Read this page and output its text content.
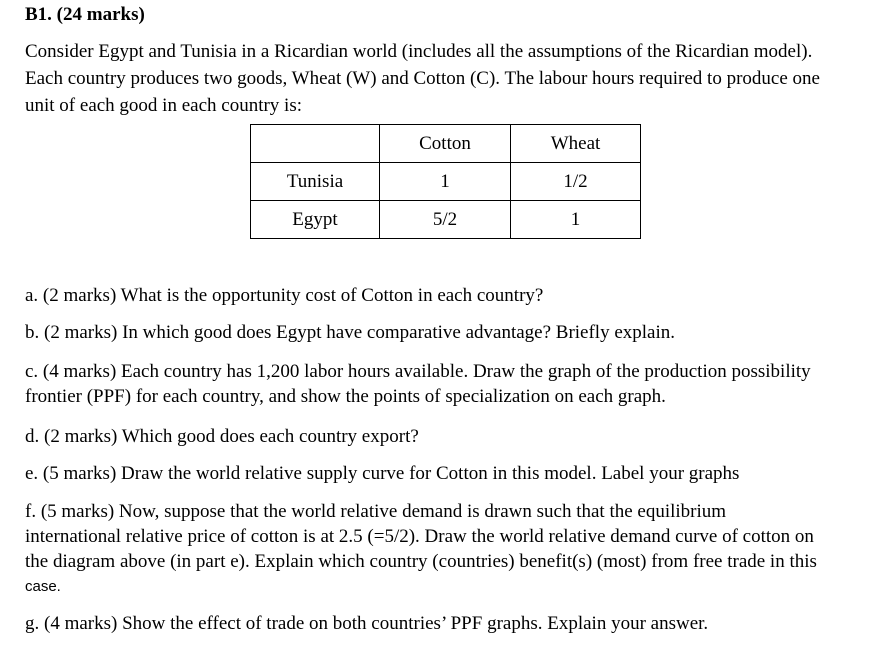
B1. (24 marks)
Consider Egypt and Tunisia in a Ricardian world (includes all the assumptions of the Ricardian model).
Each country produces two goods, Wheat (W) and Cotton (C). The labour hours required to produce one
unit of each good in each country is:
	Cotton	Wheat
Tunisia	1	1/2
Egypt	5/2	1
a. (2 marks) What is the opportunity cost of Cotton in each country?
b. (2 marks) In which good does Egypt have comparative advantage? Briefly explain.
c. (4 marks) Each country has 1,200 labor hours available. Draw the graph of the production possibility
frontier (PPF) for each country, and show the points of specialization on each graph.
d. (2 marks) Which good does each country export?
e. (5 marks) Draw the world relative supply curve for Cotton in this model. Label your graphs
f. (5 marks) Now, suppose that the world relative demand is drawn such that the equilibrium
international relative price of cotton is at 2.5 (=5/2). Draw the world relative demand curve of cotton on
the diagram above (in part e). Explain which country (countries) benefit(s) (most) from free trade in this
case.
g. (4 marks) Show the effect of trade on both countries’ PPF graphs. Explain your answer.
